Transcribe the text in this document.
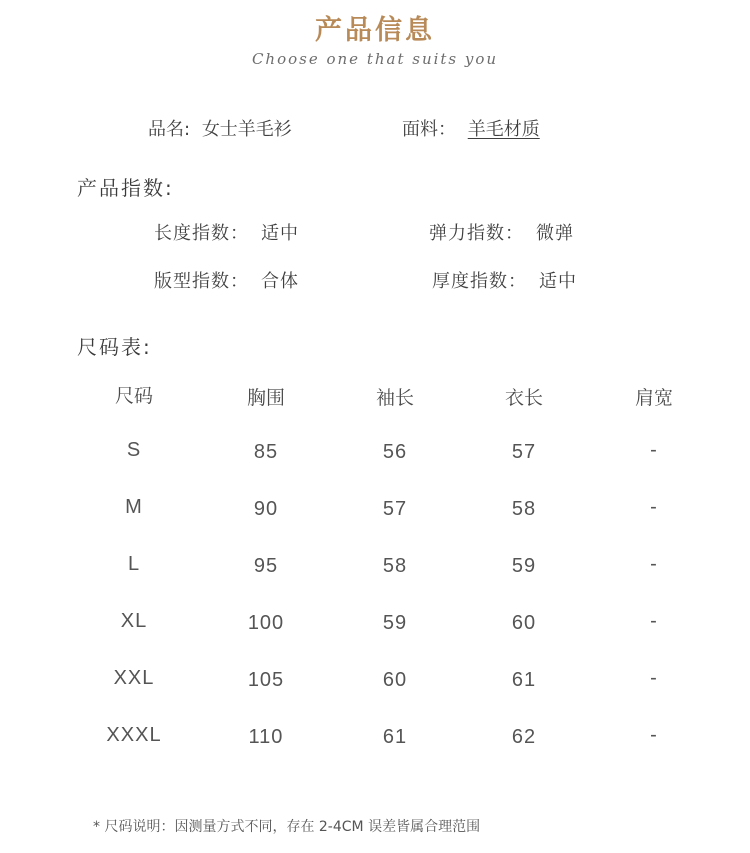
产品信息
Choose one that suits you
品名: 女士羊毛衫	面料： 羊毛材质
产品指数:
长度指数： 适中	弹力指数： 微弹
版型指数： 合体	厚度指数： 适中
尺码表:
尺码	胸围	袖长	衣长	肩宽
S	85	56	57	-
M	90	57	58	-
L	95	58	59	-
XL	100	59	60	-
XXL	105	60	61	-
XXXL	110	61	62	-
* 尺码说明：因测量方式不同，存在 2-4CM 误差皆属合理范围
